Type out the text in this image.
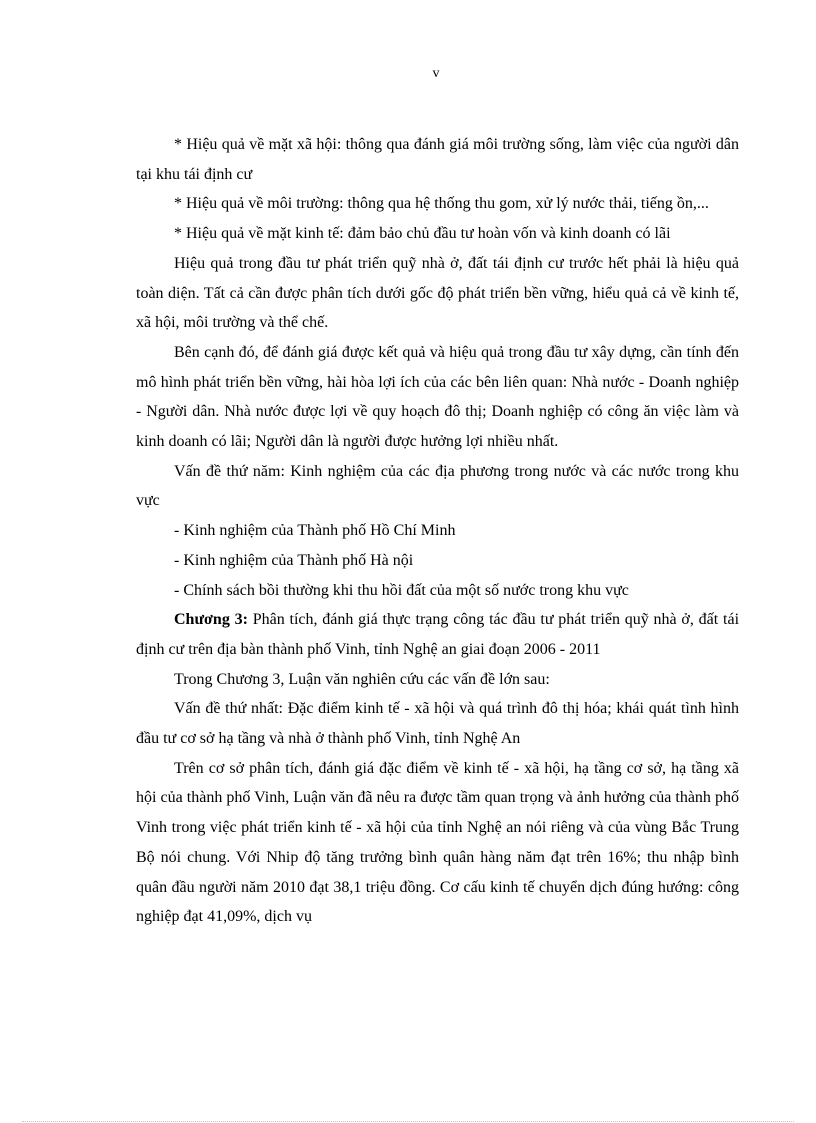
v

* Hiệu quả về mặt xã hội: thông qua đánh giá môi trường sống, làm việc của người dân tại khu tái định cư

* Hiệu quả về môi trường: thông qua hệ thống thu gom, xử lý nước thải, tiếng ồn,...

* Hiệu quả về mặt kinh tế: đảm bảo chủ đầu tư hoàn vốn và kinh doanh có lãi

Hiệu quả trong đầu tư phát triển quỹ nhà ở, đất tái định cư trước hết phải là hiệu quả toàn diện. Tất cả cần được phân tích dưới gốc độ phát triển bền vững, hiểu quả cả về kinh tế, xã hội, môi trường và thể chế.

Bên cạnh đó, để đánh giá được kết quả và hiệu quả trong đầu tư xây dựng, cần tính đến mô hình phát triển bền vững, hài hòa lợi ích của các bên liên quan: Nhà nước - Doanh nghiệp - Người dân. Nhà nước được lợi về quy hoạch đô thị; Doanh nghiệp có công ăn việc làm và kinh doanh có lãi; Người dân là người được hưởng lợi nhiều nhất.

Vấn đề thứ năm: Kinh nghiệm của các địa phương trong nước và các nước trong khu vực

- Kinh nghiệm của Thành phố Hồ Chí Minh

- Kinh nghiệm của Thành phố Hà nội

- Chính sách bồi thường khi thu hồi đất của một số nước trong khu vực

Chương 3: Phân tích, đánh giá thực trạng công tác đầu tư phát triển quỹ nhà ở, đất tái định cư trên địa bàn thành phố Vinh, tỉnh Nghệ an giai đoạn 2006 - 2011

Trong Chương 3, Luận văn nghiên cứu các vấn đề lớn sau:

Vấn đề thứ nhất: Đặc điểm kinh tế - xã hội và quá trình đô thị hóa; khái quát tình hình đầu tư cơ sở hạ tầng và nhà ở thành phố Vinh, tỉnh Nghệ An

Trên cơ sở phân tích, đánh giá đặc điểm về kinh tế - xã hội, hạ tầng cơ sở, hạ tầng xã hội của thành phố Vinh, Luận văn đã nêu ra được tầm quan trọng và ảnh hưởng của thành phố Vinh trong việc phát triển kinh tế - xã hội của tỉnh Nghệ an nói riêng và của vùng Bắc Trung Bộ nói chung. Với Nhip độ tăng trưởng bình quân hàng năm đạt trên 16%; thu nhập bình quân đầu người năm 2010 đạt 38,1 triệu đồng. Cơ cấu kinh tế chuyển dịch đúng hướng: công nghiệp đạt 41,09%, dịch vụ
